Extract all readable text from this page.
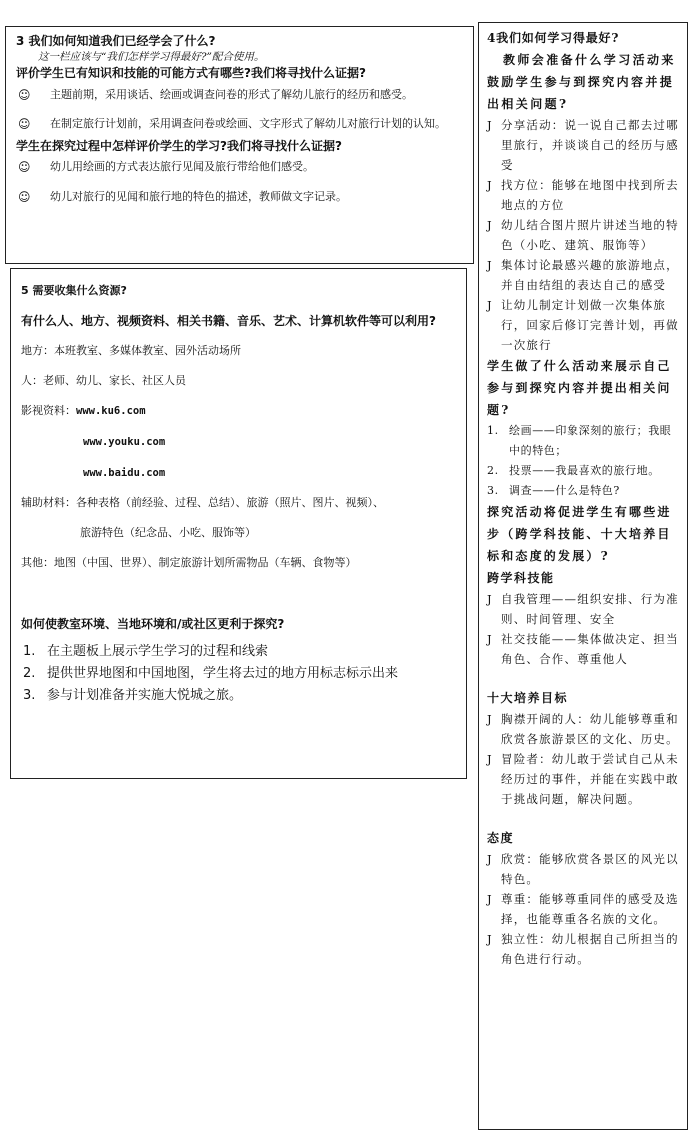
3 我们如何知道我们已经学会了什么?
这一栏应该与“我们怎样学习得最好?”配合使用。
评价学生已有知识和技能的可能方式有哪些?我们将寻找什么证据?
☺	主题前期，采用谈话、绘画或调查问卷的形式了解幼儿旅行的经历和感受。
☺	在制定旅行计划前，采用调查问卷或绘画、文字形式了解幼儿对旅行计划的认知。
学生在探究过程中怎样评价学生的学习?我们将寻找什么证据?
☺	幼儿用绘画的方式表达旅行见闻及旅行带给他们感受。
☺	幼儿对旅行的见闻和旅行地的特色的描述，教师做文字记录。
5 需要收集什么资源?
有什么人、地方、视频资料、相关书籍、音乐、艺术、计算机软件等可以利用?
地方：本班教室、多媒体教室、园外活动场所
人：老师、幼儿、家长、社区人员
影视资料：www.ku6.com
www.youku.com
www.baidu.com
辅助材料：各种表格（前经验、过程、总结）、旅游（照片、图片、视频）、
旅游特色（纪念品、小吃、服饰等）
其他：地图（中国、世界）、制定旅游计划所需物品（车辆、食物等）
如何使教室环境、当地环境和/或社区更利于探究?
1. 在主题板上展示学生学习的过程和线索
2. 提供世界地图和中国地图，学生将去过的地方用标志标示出来
3. 参与计划准备并实施大悦城之旅。
4我们如何学习得最好?
教师会准备什么学习活动来鼓励学生参与到探究内容并提出相关问题?
J 分享活动：说一说自己都去过哪里旅行，并谈谈自己的经历与感受
J 找方位：能够在地图中找到所去地点的方位
J 幼儿结合图片照片讲述当地的特色（小吃、建筑、服饰等）
J 集体讨论最感兴趣的旅游地点，并自由结组的表达自己的感受
J 让幼儿制定计划做一次集体旅行，回家后修订完善计划，再做一次旅行
学生做了什么活动来展示自己参与到探究内容并提出相关问题?
1. 绘画——印象深刻的旅行；我眼中的特色；
2. 投票——我最喜欢的旅行地。
3. 调查——什么是特色?
探究活动将促进学生有哪些进步（跨学科技能、十大培养目标和态度的发展）?
跨学科技能
J 自我管理——组织安排、行为准则、时间管理、安全
J 社交技能——集体做决定、担当角色、合作、尊重他人
十大培养目标
J 胸襟开阔的人：幼儿能够尊重和欣赏各旅游景区的文化、历史。
J 冒险者：幼儿敢于尝试自己从未经历过的事件，并能在实践中敢于挑战问题，解决问题。
态度
J 欣赏：能够欣赏各景区的风光以特色。
J 尊重：能够尊重同伴的感受及选择，也能尊重各名族的文化。
J 独立性：幼儿根据自己所担当的角色进行行动。
